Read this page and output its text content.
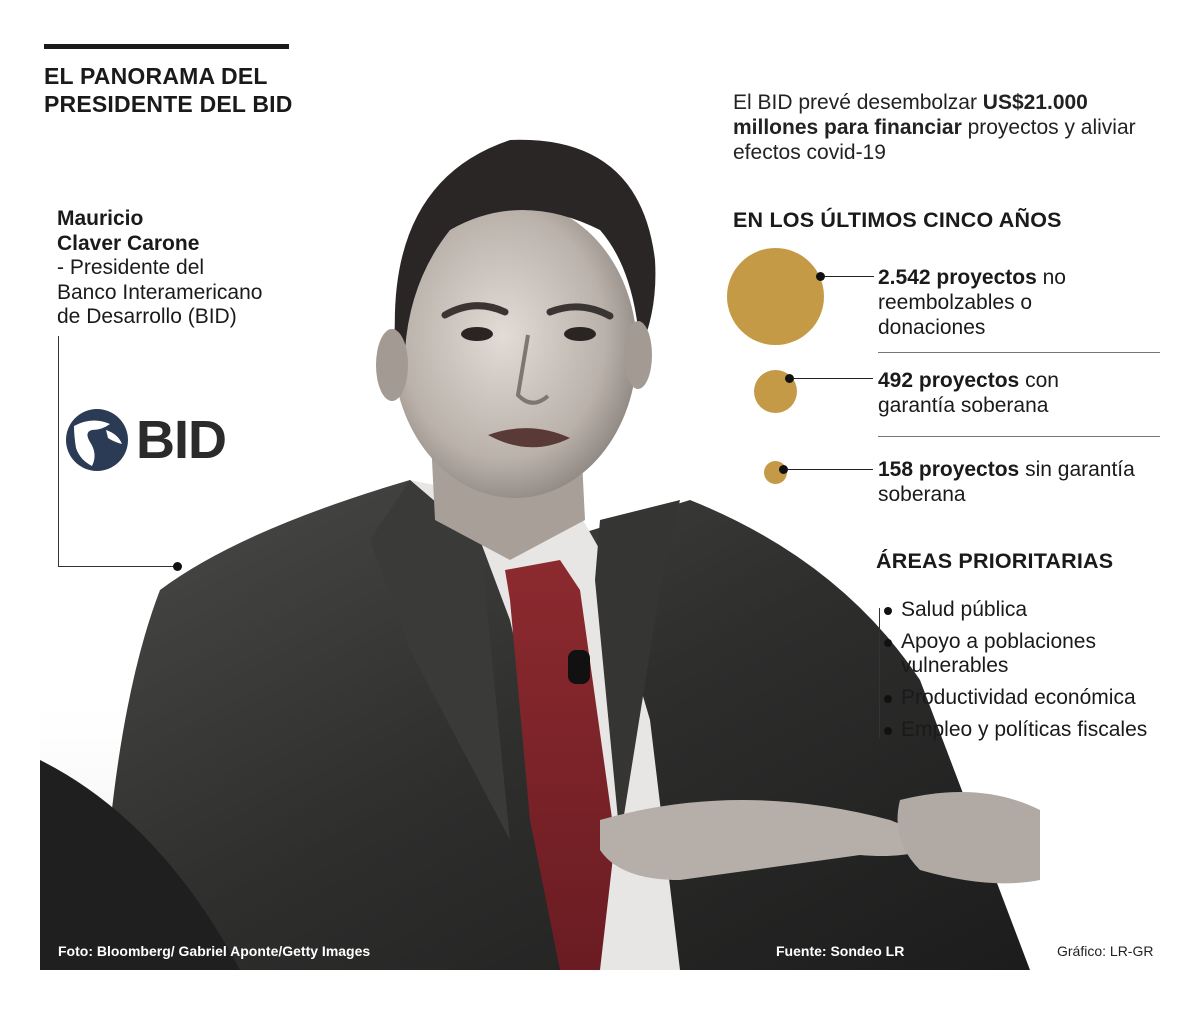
EL PANORAMA DEL
PRESIDENTE DEL BID
Mauricio
Claver Carone
- Presidente del
Banco Interamericano
de Desarrollo (BID)
BID
El BID prevé desembolzar US$21.000 millones para financiar proyectos y aliviar efectos covid-19
EN LOS ÚLTIMOS CINCO AÑOS
2.542 proyectos no reembolzables o donaciones
492 proyectos con garantía soberana
158 proyectos sin garantía soberana
ÁREAS PRIORITARIAS
Salud pública
Apoyo a poblaciones vulnerables
Productividad económica
Empleo y políticas fiscales
Foto: Bloomberg/ Gabriel Aponte/Getty Images	Fuente: Sondeo LR	Gráfico: LR-GR
